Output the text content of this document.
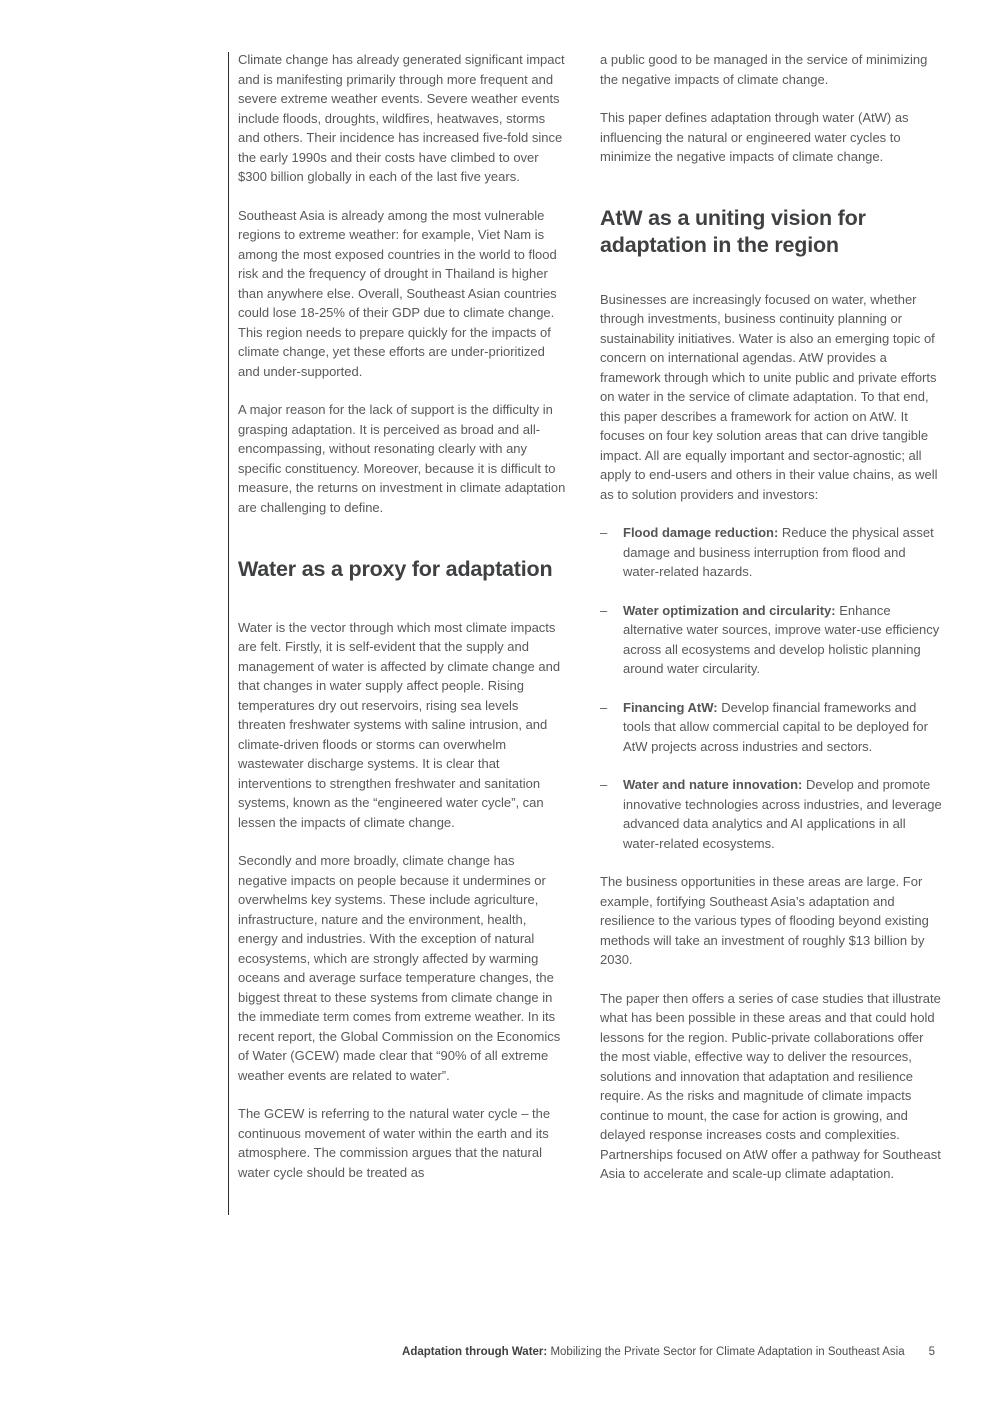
Climate change has already generated significant impact and is manifesting primarily through more frequent and severe extreme weather events. Severe weather events include floods, droughts, wildfires, heatwaves, storms and others. Their incidence has increased five-fold since the early 1990s and their costs have climbed to over $300 billion globally in each of the last five years.

Southeast Asia is already among the most vulnerable regions to extreme weather: for example, Viet Nam is among the most exposed countries in the world to flood risk and the frequency of drought in Thailand is higher than anywhere else. Overall, Southeast Asian countries could lose 18-25% of their GDP due to climate change. This region needs to prepare quickly for the impacts of climate change, yet these efforts are under-prioritized and under-supported.

A major reason for the lack of support is the difficulty in grasping adaptation. It is perceived as broad and all-encompassing, without resonating clearly with any specific constituency. Moreover, because it is difficult to measure, the returns on investment in climate adaptation are challenging to define.

Water as a proxy for adaptation

Water is the vector through which most climate impacts are felt. Firstly, it is self-evident that the supply and management of water is affected by climate change and that changes in water supply affect people. Rising temperatures dry out reservoirs, rising sea levels threaten freshwater systems with saline intrusion, and climate-driven floods or storms can overwhelm wastewater discharge systems. It is clear that interventions to strengthen freshwater and sanitation systems, known as the “engineered water cycle”, can lessen the impacts of climate change.

Secondly and more broadly, climate change has negative impacts on people because it undermines or overwhelms key systems. These include agriculture, infrastructure, nature and the environment, health, energy and industries. With the exception of natural ecosystems, which are strongly affected by warming oceans and average surface temperature changes, the biggest threat to these systems from climate change in the immediate term comes from extreme weather. In its recent report, the Global Commission on the Economics of Water (GCEW) made clear that “90% of all extreme weather events are related to water”.

The GCEW is referring to the natural water cycle – the continuous movement of water within the earth and its atmosphere. The commission argues that the natural water cycle should be treated as

a public good to be managed in the service of minimizing the negative impacts of climate change.

This paper defines adaptation through water (AtW) as influencing the natural or engineered water cycles to minimize the negative impacts of climate change.

AtW as a uniting vision for adaptation in the region

Businesses are increasingly focused on water, whether through investments, business continuity planning or sustainability initiatives. Water is also an emerging topic of concern on international agendas. AtW provides a framework through which to unite public and private efforts on water in the service of climate adaptation. To that end, this paper describes a framework for action on AtW. It focuses on four key solution areas that can drive tangible impact. All are equally important and sector-agnostic; all apply to end-users and others in their value chains, as well as to solution providers and investors:

–	Flood damage reduction: Reduce the physical asset damage and business interruption from flood and water-related hazards.

–	Water optimization and circularity: Enhance alternative water sources, improve water-use efficiency across all ecosystems and develop holistic planning around water circularity.

–	Financing AtW: Develop financial frameworks and tools that allow commercial capital to be deployed for AtW projects across industries and sectors.

–	Water and nature innovation: Develop and promote innovative technologies across industries, and leverage advanced data analytics and AI applications in all water-related ecosystems.

The business opportunities in these areas are large. For example, fortifying Southeast Asia’s adaptation and resilience to the various types of flooding beyond existing methods will take an investment of roughly $13 billion by 2030.

The paper then offers a series of case studies that illustrate what has been possible in these areas and that could hold lessons for the region. Public-private collaborations offer the most viable, effective way to deliver the resources, solutions and innovation that adaptation and resilience require. As the risks and magnitude of climate impacts continue to mount, the case for action is growing, and delayed response increases costs and complexities. Partnerships focused on AtW offer a pathway for Southeast Asia to accelerate and scale-up climate adaptation.

Adaptation through Water: Mobilizing the Private Sector for Climate Adaptation in Southeast Asia 5
